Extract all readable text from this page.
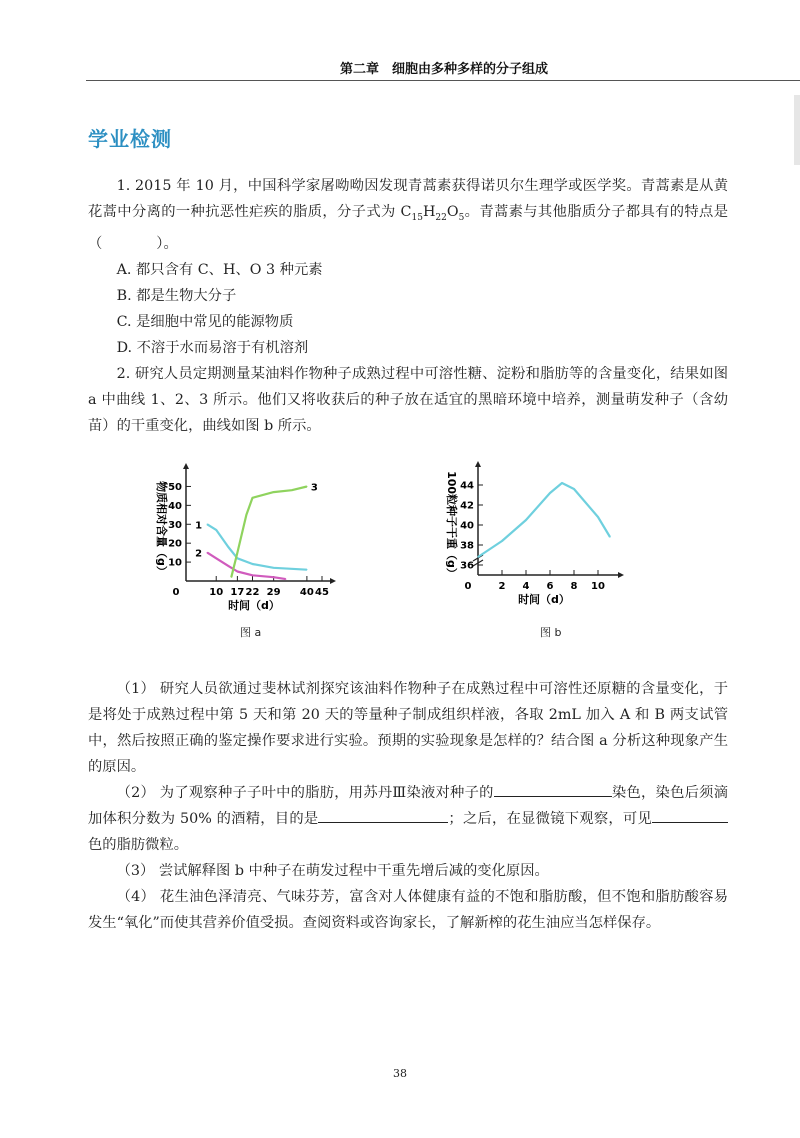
第二章　细胞由多种多样的分子组成
学业检测

1. 2015 年 10 月，中国科学家屠呦呦因发现青蒿素获得诺贝尔生理学或医学奖。青蒿素是从黄花蒿中分离的一种抗恶性疟疾的脂质，分子式为 $C_{15}H_{22}O_5$。青蒿素与其他脂质分子都具有的特点是（	）。

A. 都只含有 C、H、O 3 种元素

B. 都是生物大分子

C. 是细胞中常见的能源物质

D. 不溶于水而易溶于有机溶剂

2. 研究人员定期测量某油料作物种子成熟过程中可溶性糖、淀粉和脂肪等的含量变化，结果如图 a 中曲线 1、2、3 所示。他们又将收获后的种子放在适宜的黑暗环境中培养，测量萌发种子（含幼苗）的干重变化，曲线如图 b 所示。

0	10 17 22 29 40 45
10
20
30
40
50
时间（d）
物质相对含量（g）	1
2
3
图 a
0	2 4 6 8 10
36
38
40
42
44
时间（d）
100粒种子干重（g）
图 b

（1） 研究人员欲通过斐林试剂探究该油料作物种子在成熟过程中可溶性还原糖的含量变化，于是将处于成熟过程中第 5 天和第 20 天的等量种子制成组织样液，各取 2mL 加入 A 和 B 两支试管中，然后按照正确的鉴定操作要求进行实验。预期的实验现象是怎样的？结合图 a 分析这种现象产生的原因。

（2） 为了观察种子子叶中的脂肪，用苏丹Ⅲ染液对种子的	染色，染色后须滴加体积分数为 50% 的酒精，目的是	；之后，在显微镜下观察，可见色的脂肪微粒。

（3） 尝试解释图 b 中种子在萌发过程中干重先增后减的变化原因。

（4） 花生油色泽清亮、气味芬芳，富含对人体健康有益的不饱和脂肪酸，但不饱和脂肪酸容易发生“氧化”而使其营养价值受损。查阅资料或咨询家长，了解新榨的花生油应当怎样保存。

38
